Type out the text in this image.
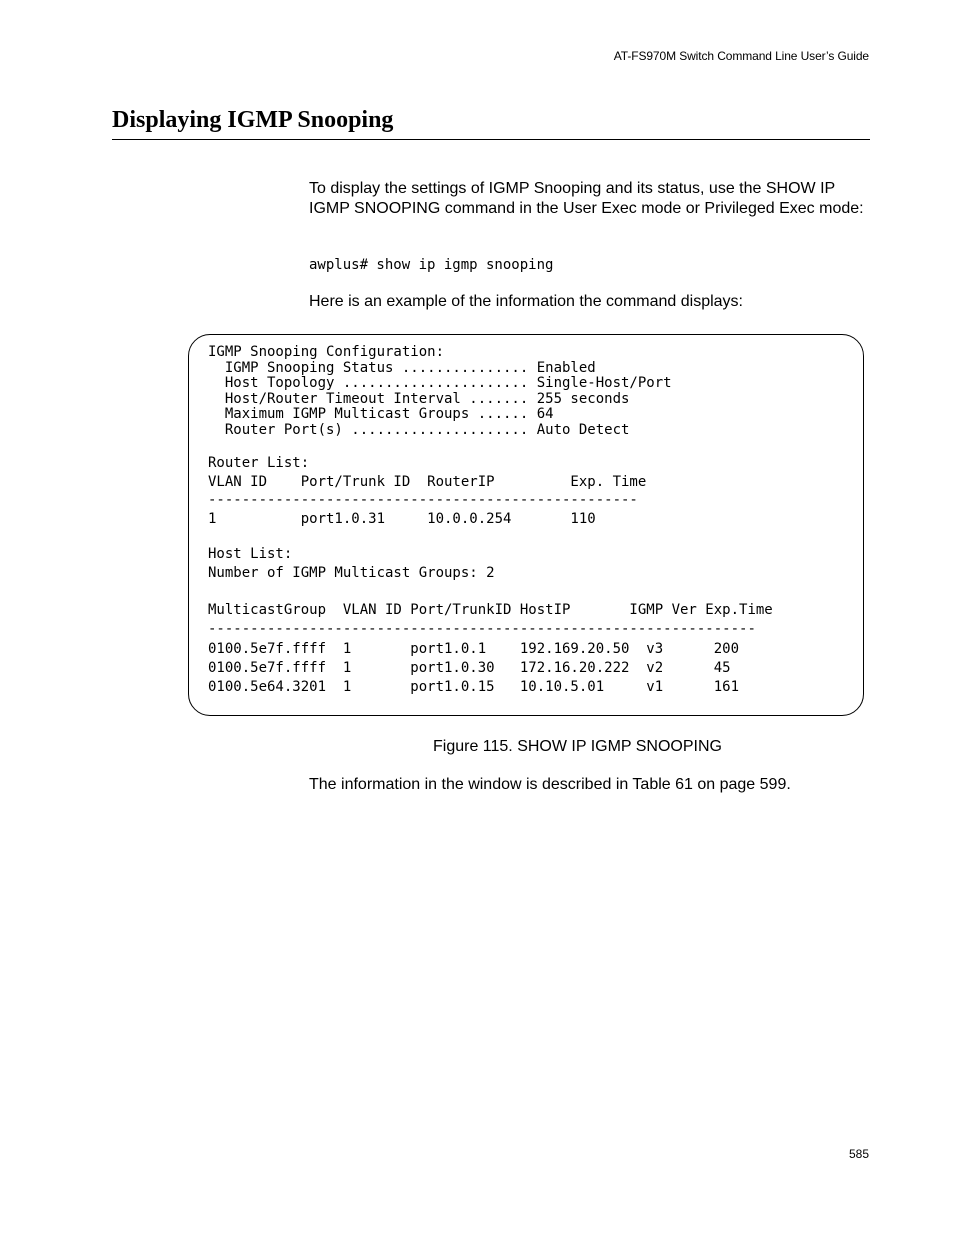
AT-FS970M Switch Command Line User’s Guide
Displaying IGMP Snooping

To display the settings of IGMP Snooping and its status, use the SHOW IP IGMP SNOOPING command in the User Exec mode or Privileged Exec mode:

awplus# show ip igmp snooping

Here is an example of the information the command displays:

IGMP Snooping Configuration:
IGMP Snooping Status ............... Enabled
Host Topology ...................... Single-Host/Port
Host/Router Timeout Interval ....... 255 seconds
Maximum IGMP Multicast Groups ...... 64
Router Port(s) ..................... Auto Detect
Router List:
VLAN ID    Port/Trunk ID  RouterIP         Exp. Time
---------------------------------------------------
1          port1.0.31     10.0.0.254       110
Host List:
Number of IGMP Multicast Groups: 2
MulticastGroup  VLAN ID Port/TrunkID HostIP       IGMP Ver Exp.Time
-----------------------------------------------------------------
0100.5e7f.ffff  1       port1.0.1    192.169.20.50  v3      200
0100.5e7f.ffff  1       port1.0.30   172.16.20.222  v2      45
0100.5e64.3201  1       port1.0.15   10.10.5.01     v1      161

Figure 115. SHOW IP IGMP SNOOPING

The information in the window is described in Table 61 on page 599.

585
